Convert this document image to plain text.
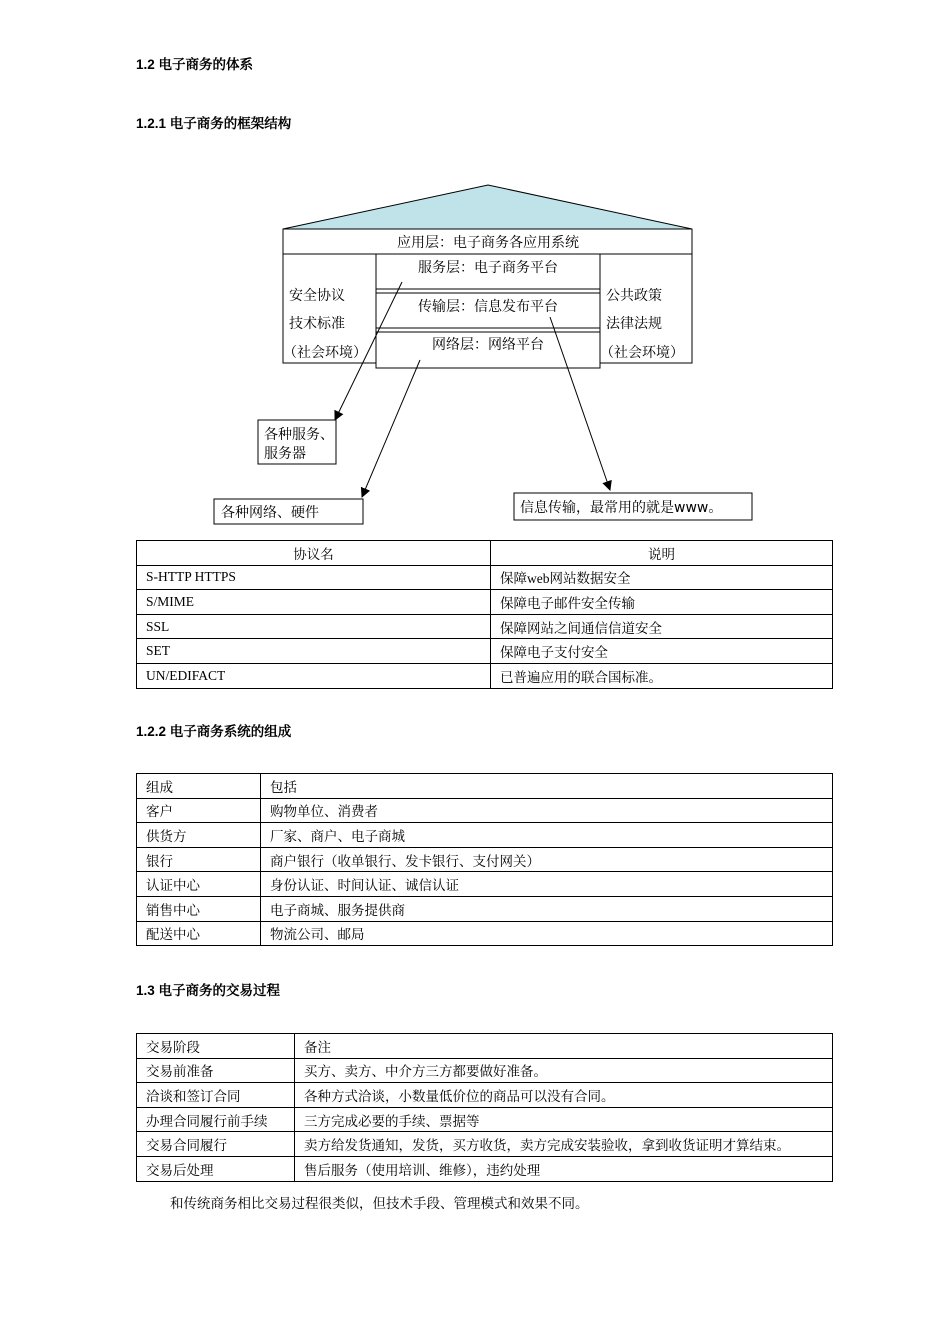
1.2 电子商务的体系

1.2.1 电子商务的框架结构

应用层：电子商务各应用系统
安全协议
技术标准
（社会环境）
公共政策
法律法规
（社会环境）
服务层：电子商务平台
传输层：信息发布平台
网络层：网络平台
各种服务、
服务器
各种网络、硬件	信息传输，最常用的就是www。
协议名	说明
S-HTTP HTTPS	保障web网站数据安全
S/MIME	保障电子邮件安全传输
SSL	保障网站之间通信信道安全
SET	保障电子支付安全
UN/EDIFACT	已普遍应用的联合国标准。

1.2.2 电子商务系统的组成

组成	包括
客户	购物单位、消费者
供货方	厂家、商户、电子商城
银行	商户银行（收单银行、发卡银行、支付网关）
认证中心	身份认证、时间认证、诚信认证
销售中心	电子商城、服务提供商
配送中心	物流公司、邮局

1.3 电子商务的交易过程

交易阶段	备注
交易前准备	买方、卖方、中介方三方都要做好准备。
洽谈和签订合同	各种方式洽谈，小数量低价位的商品可以没有合同。
办理合同履行前手续	三方完成必要的手续、票据等
交易合同履行	卖方给发货通知，发货，买方收货，卖方完成安装验收，拿到收货证明才算结束。
交易后处理	售后服务（使用培训、维修），违约处理

和传统商务相比交易过程很类似，但技术手段、管理模式和效果不同。
